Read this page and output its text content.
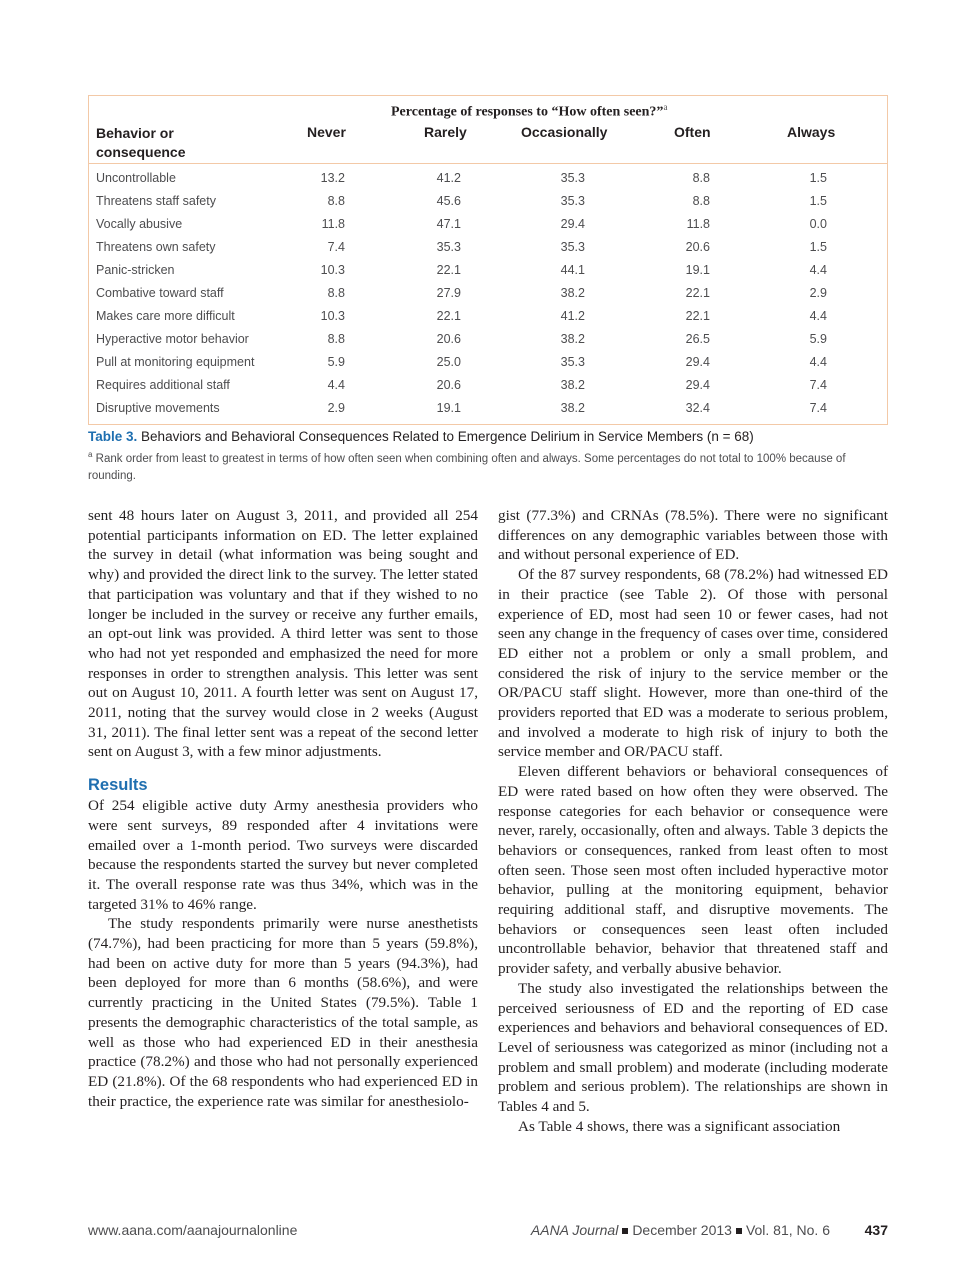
Percentage of responses to “How often seen?”$^a$
Behavior or consequence
Never	Rarely	Occasionally	Often	Always
Uncontrollable	13.2	41.2	35.3	8.8	1.5
Threatens staff safety	8.8	45.6	35.3	8.8	1.5
Vocally abusive	11.8	47.1	29.4	11.8	0.0
Threatens own safety	7.4	35.3	35.3	20.6	1.5
Panic-stricken	10.3	22.1	44.1	19.1	4.4
Combative toward staff	8.8	27.9	38.2	22.1	2.9
Makes care more difficult	10.3	22.1	41.2	22.1	4.4
Hyperactive motor behavior	8.8	20.6	38.2	26.5	5.9
Pull at monitoring equipment	5.9	25.0	35.3	29.4	4.4
Requires additional staff	4.4	20.6	38.2	29.4	7.4
Disruptive movements	2.9	19.1	38.2	32.4	7.4
Table 3. Behaviors and Behavioral Consequences Related to Emergence Delirium in Service Members (n = 68)
$^a$ Rank order from least to greatest in terms of how often seen when combining often and always. Some percentages do not total to 100% because of rounding.

sent 48 hours later on August 3, 2011, and provided all 254 potential participants information on ED. The letter explained the survey in detail (what information was being sought and why) and provided the direct link to the survey. The letter stated that participation was voluntary and that if they wished to no longer be included in the survey or receive any further emails, an opt-out link was provided. A third letter was sent to those who had not yet responded and emphasized the need for more responses in order to strengthen analysis. This letter was sent out on August 10, 2011. A fourth letter was sent on August 17, 2011, noting that the survey would close in 2 weeks (August 31, 2011). The final letter sent was a repeat of the second letter sent on August 3, with a few minor adjustments.

Results

Of 254 eligible active duty Army anesthesia providers who were sent surveys, 89 responded after 4 invitations were emailed over a 1-month period. Two surveys were discarded because the respondents started the survey but never completed it. The overall response rate was thus 34%, which was in the targeted 31% to 46% range.

The study respondents primarily were nurse anesthetists (74.7%), had been practicing for more than 5 years (59.8%), had been on active duty for more than 5 years (94.3%), had been deployed for more than 6 months (58.6%), and were currently practicing in the United States (79.5%). Table 1 presents the demographic characteristics of the total sample, as well as those who had experienced ED in their anesthesia practice (78.2%) and those who had not personally experienced ED (21.8%). Of the 68 respondents who had experienced ED in their practice, the experience rate was similar for anesthesiolo-

gist (77.3%) and CRNAs (78.5%). There were no significant differences on any demographic variables between those with and without personal experience of ED.

Of the 87 survey respondents, 68 (78.2%) had witnessed ED in their practice (see Table 2). Of those with personal experience of ED, most had seen 10 or fewer cases, had not seen any change in the frequency of cases over time, considered ED either not a problem or only a small problem, and considered the risk of injury to the service member or the OR/PACU staff slight. However, more than one-third of the providers reported that ED was a moderate to serious problem, and involved a moderate to high risk of injury to both the service member and OR/PACU staff.

Eleven different behaviors or behavioral consequences of ED were rated based on how often they were observed. The response categories for each behavior or consequence were never, rarely, occasionally, often and always. Table 3 depicts the behaviors or consequences, ranked from least often to most often seen. Those seen most often included hyperactive motor behavior, pulling at the monitoring equipment, behavior requiring additional staff, and disruptive movements. The behaviors or consequences seen least often included uncontrollable behavior, behavior that threatened staff and provider safety, and verbally abusive behavior.

The study also investigated the relationships between the perceived seriousness of ED and the reporting of ED case experiences and behaviors and behavioral consequences of ED. Level of seriousness was categorized as minor (including not a problem and small problem) and moderate (including moderate problem and serious problem). The relationships are shown in Tables 4 and 5.

As Table 4 shows, there was a significant association

www.aana.com/aanajournalonline	AANA Journal December 2013 Vol. 81, No. 6 437
